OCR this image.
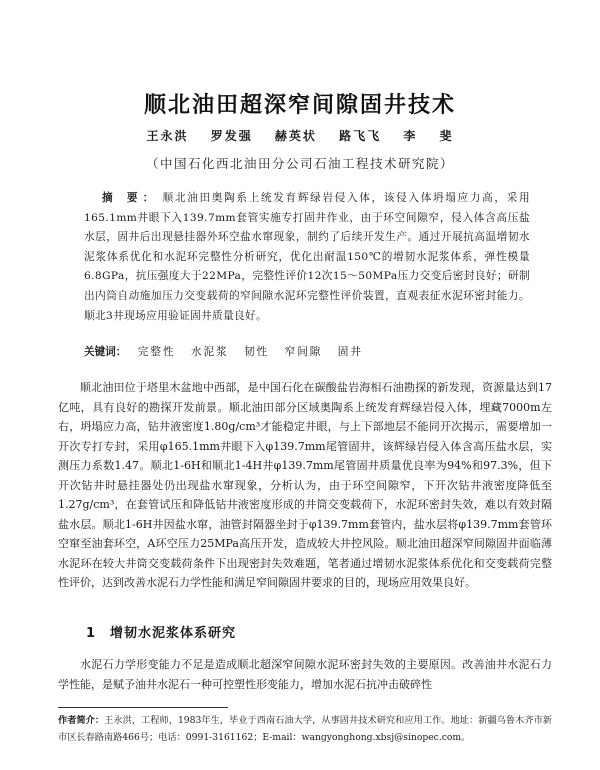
顺北油田超深窄间隙固井技术
王永洪 罗发强 赫英状 路飞飞 李 斐
（中国石化西北油田分公司石油工程技术研究院）

摘 要： 顺北油田奥陶系上统发育辉绿岩侵入体，该侵入体坍塌应力高，采用165.1mm井眼下入139.7mm套管实施专打固井作业，由于环空间隙窄，侵入体含高压盐水层，固井后出现悬挂器外环空盐水窜现象，制约了后续开发生产。通过开展抗高温增韧水泥浆体系优化和水泥环完整性分析研究，优化出耐温150℃的增韧水泥浆体系，弹性模量6.8GPa，抗压强度大于22MPa，完整性评价12次15～50MPa压力交变后密封良好；研制出内筒自动施加压力交变载荷的窄间隙水泥环完整性评价装置，直观表征水泥环密封能力。顺北3井现场应用验证固井质量良好。

关键词： 完整性 水泥浆 韧性 窄间隙 固井

顺北油田位于塔里木盆地中西部，是中国石化在碳酸盐岩海相石油勘探的新发现，资源量达到17亿吨，具有良好的勘探开发前景。顺北油田部分区域奥陶系上统发育辉绿岩侵入体，埋藏7000m左右，坍塌应力高，钻井液密度1.80g/cm³才能稳定井眼，与上下部地层不能同开次揭示，需要增加一开次专打专封，采用φ165.1mm井眼下入φ139.7mm尾管固井，该辉绿岩侵入体含高压盐水层，实测压力系数1.47。顺北1-6H和顺北1-4H井φ139.7mm尾管固井质量优良率为94%和97.3%，但下开次钻井时悬挂器处仍出现盐水窜现象，分析认为，由于环空间隙窄，下开次钻井液密度降低至1.27g/cm³，在套管试压和降低钻井液密度形成的井筒交变载荷下，水泥环密封失效，难以有效封隔盐水层。顺北1-6H井因盐水窜，油管封隔器坐封于φ139.7mm套管内，盐水层将φ139.7mm套管环空窜至油套环空，A环空压力25MPa高压开发，造成较大井控风险。顺北油田超深窄间隙固井面临薄水泥环在较大井筒交变载荷条件下出现密封失效难题，笔者通过增韧水泥浆体系优化和交变载荷完整性评价，达到改善水泥石力学性能和满足窄间隙固井要求的目的，现场应用效果良好。

1 增韧水泥浆体系研究

水泥石力学形变能力不足是造成顺北超深窄间隙水泥环密封失效的主要原因。改善油井水泥石力学性能，是赋予油井水泥石一种可控塑性形变能力，增加水泥石抗冲击破碎性

作者简介：王永洪，工程师，1983年生，毕业于西南石油大学，从事固井技术研究和应用工作。地址：新疆乌鲁木齐市新市区长春路南路466号；电话：0991-3161162；E-mail：wangyonghong.xbsj@sinopec.com。
